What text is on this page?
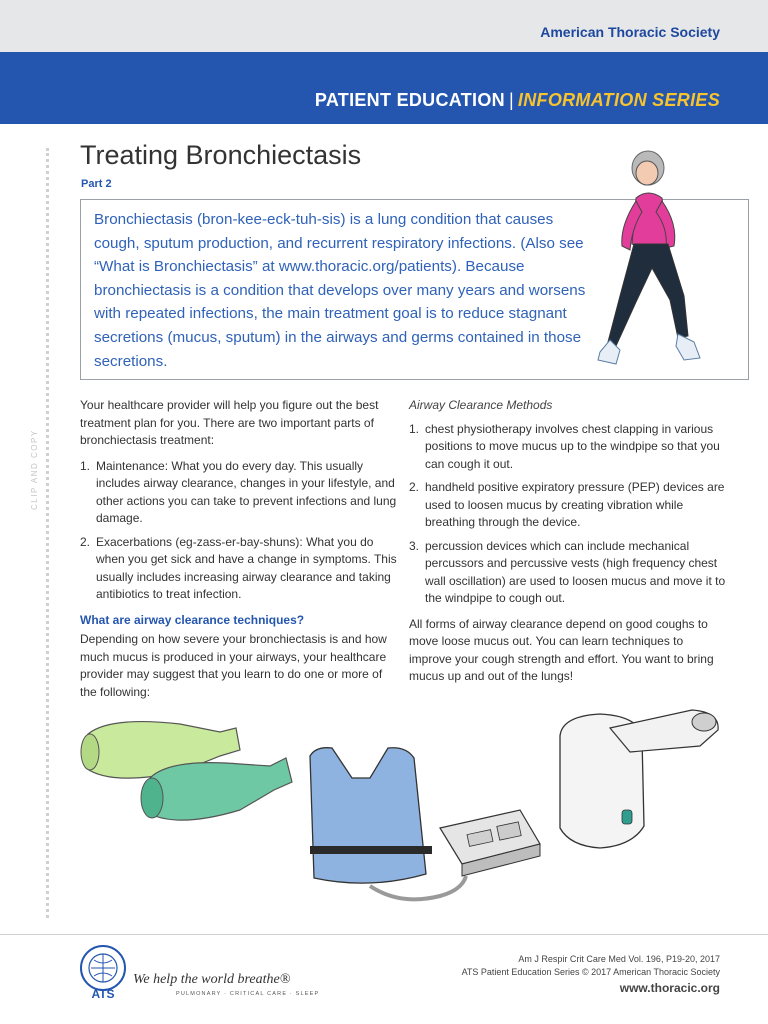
American Thoracic Society
PATIENT EDUCATION | INFORMATION SERIES
CLIP AND COPY
Treating Bronchiectasis
Part 2
Bronchiectasis (bron-kee-eck-tuh-sis) is a lung condition that causes cough, sputum production, and recurrent respiratory infections. (Also see “What is Bronchiectasis” at www.thoracic.org/patients). Because bronchiectasis is a condition that develops over many years and worsens with repeated infections, the main treatment goal is to reduce stagnant secretions (mucus, sputum) in the airways and germs contained in those secretions.

Your healthcare provider will help you figure out the best treatment plan for you. There are two important parts of bronchiectasis treatment:

1. Maintenance: What you do every day. This usually includes airway clearance, changes in your lifestyle, and other actions you can take to prevent infections and lung damage.
2. Exacerbations (eg-zass-er-bay-shuns): What you do when you get sick and have a change in symptoms. This usually includes increasing airway clearance and taking antibiotics to treat infection.
What are airway clearance techniques?

Depending on how severe your bronchiectasis is and how much mucus is produced in your airways, your healthcare provider may suggest that you learn to do one or more of the following:

Airway Clearance Methods
1. chest physiotherapy involves chest clapping in various positions to move mucus up to the windpipe so that you can cough it out.
2. handheld positive expiratory pressure (PEP) devices are used to loosen mucus by creating vibration while breathing through the device.
3. percussion devices which can include mechanical percussors and percussive vests (high frequency chest wall oscillation) are used to loosen mucus and move it to the windpipe to cough out.

All forms of airway clearance depend on good coughs to move loose mucus out. You can learn techniques to improve your cough strength and effort. You want to bring mucus up and out of the lungs!

ATS
We help the world breathe®
PULMONARY · CRITICAL CARE · SLEEP
Am J Respir Crit Care Med Vol. 196, P19-20, 2017
ATS Patient Education Series © 2017 American Thoracic Society
www.thoracic.org
